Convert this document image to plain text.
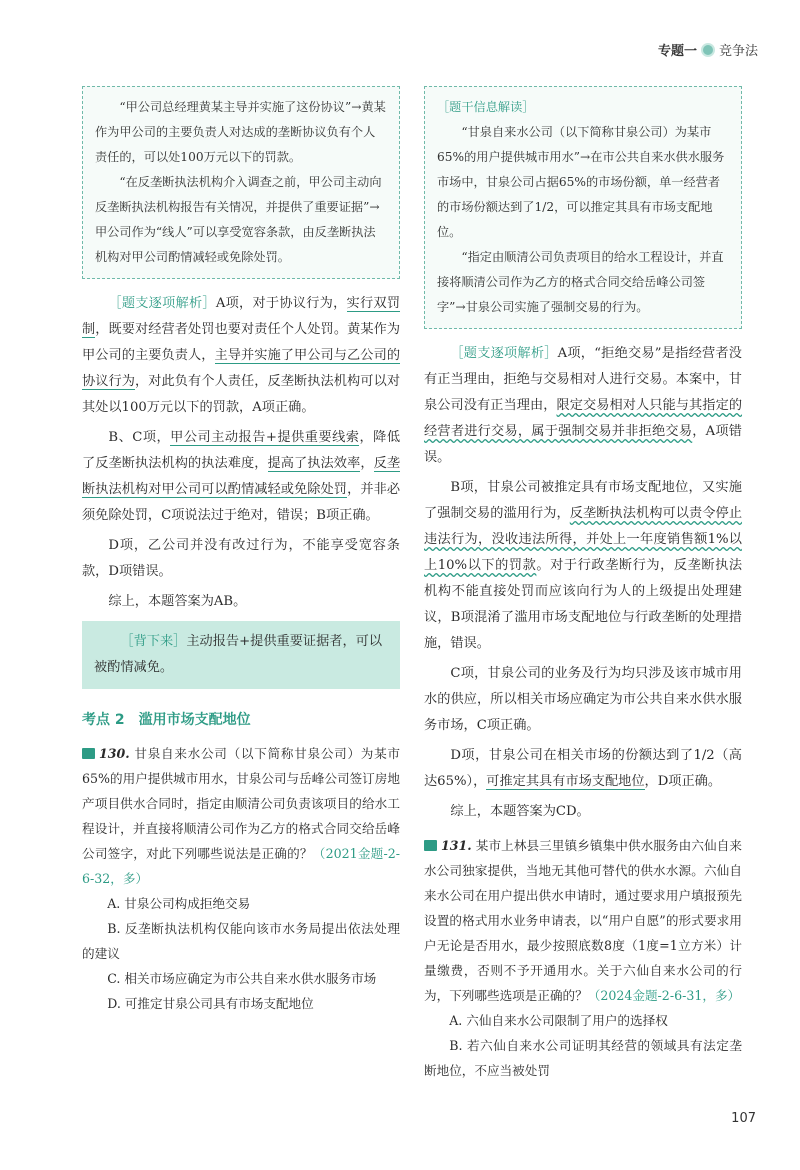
专题一 竞争法

“甲公司总经理黄某主导并实施了这份协议”→黄某作为甲公司的主要负责人对达成的垄断协议负有个人责任的，可以处100万元以下的罚款。

“在反垄断执法机构介入调查之前，甲公司主动向反垄断执法机构报告有关情况，并提供了重要证据”→甲公司作为“线人”可以享受宽容条款，由反垄断执法机构对甲公司酌情减轻或免除处罚。

［题支逐项解析］A项，对于协议行为，实行双罚制，既要对经营者处罚也要对责任个人处罚。黄某作为甲公司的主要负责人，主导并实施了甲公司与乙公司的协议行为，对此负有个人责任，反垄断执法机构可以对其处以100万元以下的罚款，A项正确。

B、C项，甲公司主动报告+提供重要线索，降低了反垄断执法机构的执法难度，提高了执法效率，反垄断执法机构对甲公司可以酌情减轻或免除处罚，并非必须免除处罚，C项说法过于绝对，错误；B项正确。

D项，乙公司并没有改过行为，不能享受宽容条款，D项错误。

综上，本题答案为AB。

［背下来］主动报告+提供重要证据者，可以被酌情减免。

考点 2　滥用市场支配地位

130. 甘泉自来水公司（以下简称甘泉公司）为某市65%的用户提供城市用水，甘泉公司与岳峰公司签订房地产项目供水合同时，指定由顺清公司负责该项目的给水工程设计，并直接将顺清公司作为乙方的格式合同交给岳峰公司签字，对此下列哪些说法是正确的？（2021金题-2-6-32，多）

A. 甘泉公司构成拒绝交易

B. 反垄断执法机构仅能向该市水务局提出依法处理的建议

C. 相关市场应确定为市公共自来水供水服务市场

D. 可推定甘泉公司具有市场支配地位

［题干信息解读］

“甘泉自来水公司（以下简称甘泉公司）为某市65%的用户提供城市用水”→在市公共自来水供水服务市场中，甘泉公司占据65%的市场份额，单一经营者的市场份额达到了1/2，可以推定其具有市场支配地位。

“指定由顺清公司负责项目的给水工程设计，并直接将顺清公司作为乙方的格式合同交给岳峰公司签字”→甘泉公司实施了强制交易的行为。

［题支逐项解析］A项，“拒绝交易”是指经营者没有正当理由，拒绝与交易相对人进行交易。本案中，甘泉公司没有正当理由，限定交易相对人只能与其指定的经营者进行交易，属于强制交易并非拒绝交易，A项错误。

B项，甘泉公司被推定具有市场支配地位，又实施了强制交易的滥用行为，反垄断执法机构可以责令停止违法行为，没收违法所得，并处上一年度销售额1%以上10%以下的罚款。对于行政垄断行为，反垄断执法机构不能直接处罚而应该向行为人的上级提出处理建议，B项混淆了滥用市场支配地位与行政垄断的处理措施，错误。

C项，甘泉公司的业务及行为均只涉及该市城市用水的供应，所以相关市场应确定为市公共自来水供水服务市场，C项正确。

D项，甘泉公司在相关市场的份额达到了1/2（高达65%），可推定其具有市场支配地位，D项正确。

综上，本题答案为CD。

131. 某市上林县三里镇乡镇集中供水服务由六仙自来水公司独家提供，当地无其他可替代的供水水源。六仙自来水公司在用户提出供水申请时，通过要求用户填报预先设置的格式用水业务申请表，以“用户自愿”的形式要求用户无论是否用水，最少按照底数8度（1度=1立方米）计量缴费，否则不予开通用水。关于六仙自来水公司的行为，下列哪些选项是正确的？（2024金题-2-6-31，多）

A. 六仙自来水公司限制了用户的选择权

B. 若六仙自来水公司证明其经营的领域具有法定垄断地位，不应当被处罚

107
